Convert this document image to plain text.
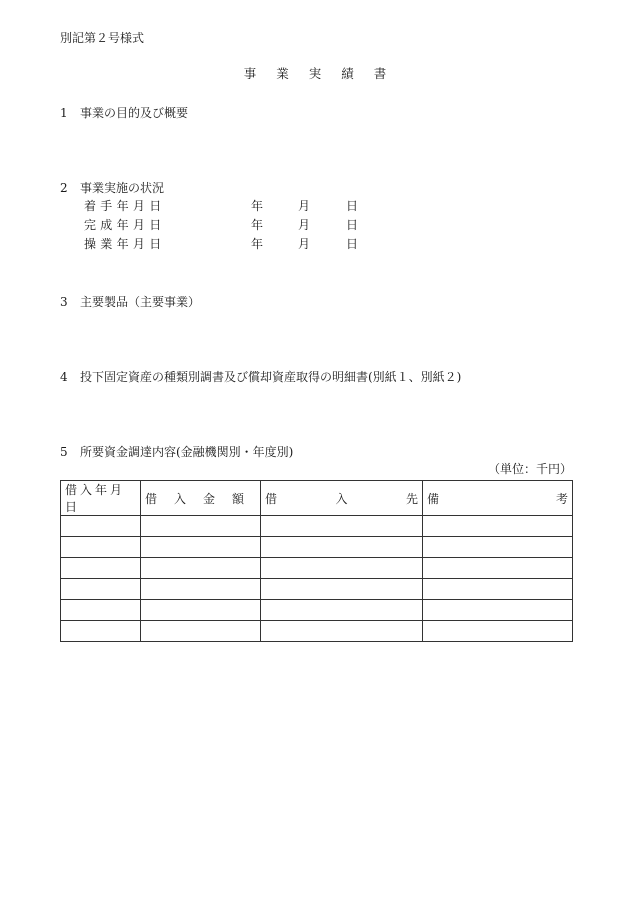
別記第２号様式
事業実績書
1 事業の目的及び概要
2 事業実施の状況
着手年月日	年	月	日
完成年月日	年	月	日
操業年月日	年	月	日
3 主要製品（主要事業）
4 投下固定資産の種類別調書及び償却資産取得の明細書(別紙１、別紙２)
5 所要資金調達内容(金融機関別・年度別)
（単位：千円）
借入年月日	借 入 金 額	借 入 先	備 考
